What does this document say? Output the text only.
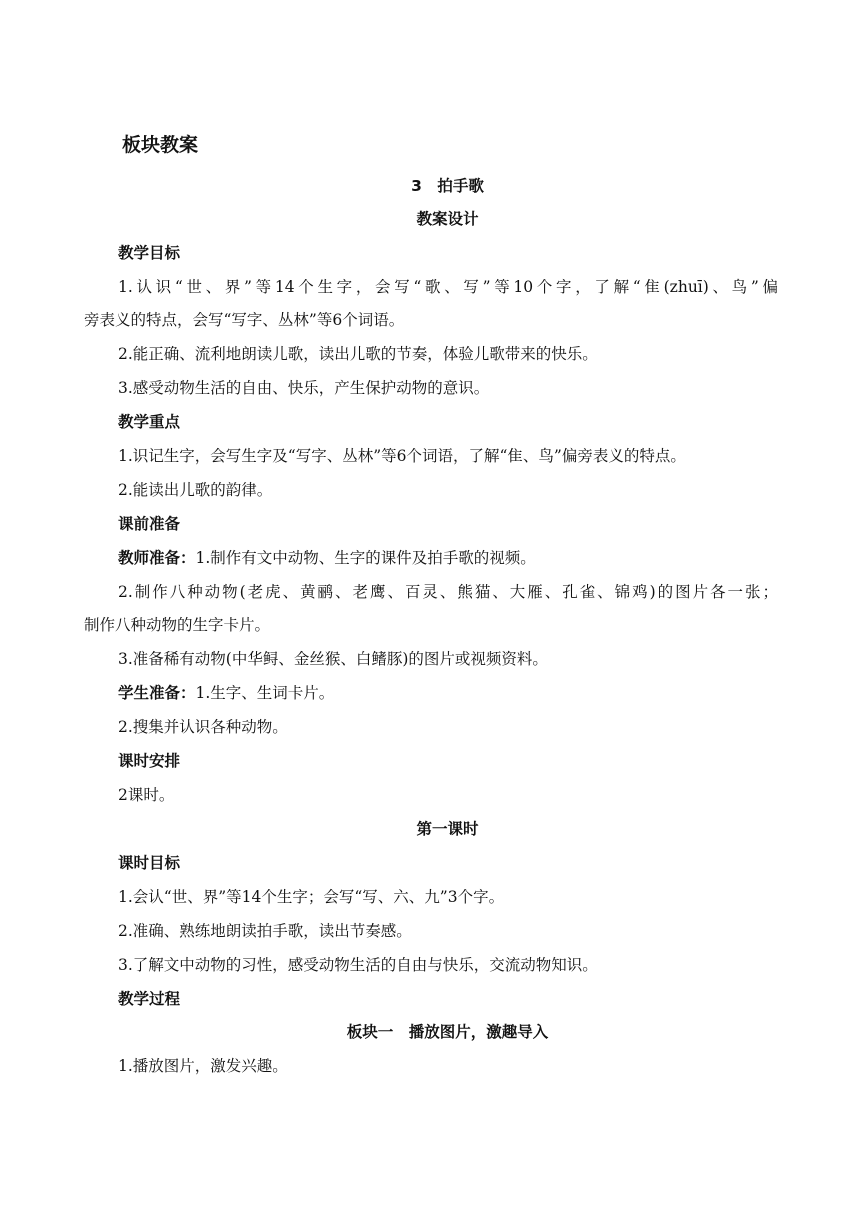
板块教案
3　拍手歌
教案设计
教学目标
1.认识“世、界”等14个生字，会写“歌、写”等10个字，了解“隹(zhuī)、鸟”偏
旁表义的特点，会写“写字、丛林”等6个词语。
2.能正确、流利地朗读儿歌，读出儿歌的节奏，体验儿歌带来的快乐。
3.感受动物生活的自由、快乐，产生保护动物的意识。
教学重点
1.识记生字，会写生字及“写字、丛林”等6个词语，了解“隹、鸟”偏旁表义的特点。
2.能读出儿歌的韵律。
课前准备
教师准备：1.制作有文中动物、生字的课件及拍手歌的视频。
2.制作八种动物(老虎、黄鹂、老鹰、百灵、熊猫、大雁、孔雀、锦鸡)的图片各一张；
制作八种动物的生字卡片。
3.准备稀有动物(中华鲟、金丝猴、白鳍豚)的图片或视频资料。
学生准备：1.生字、生词卡片。
2.搜集并认识各种动物。
课时安排
2课时。
第一课时
课时目标
1.会认“世、界”等14个生字；会写“写、六、九”3个字。
2.准确、熟练地朗读拍手歌，读出节奏感。
3.了解文中动物的习性，感受动物生活的自由与快乐，交流动物知识。
教学过程
板块一　播放图片，激趣导入
1.播放图片，激发兴趣。
